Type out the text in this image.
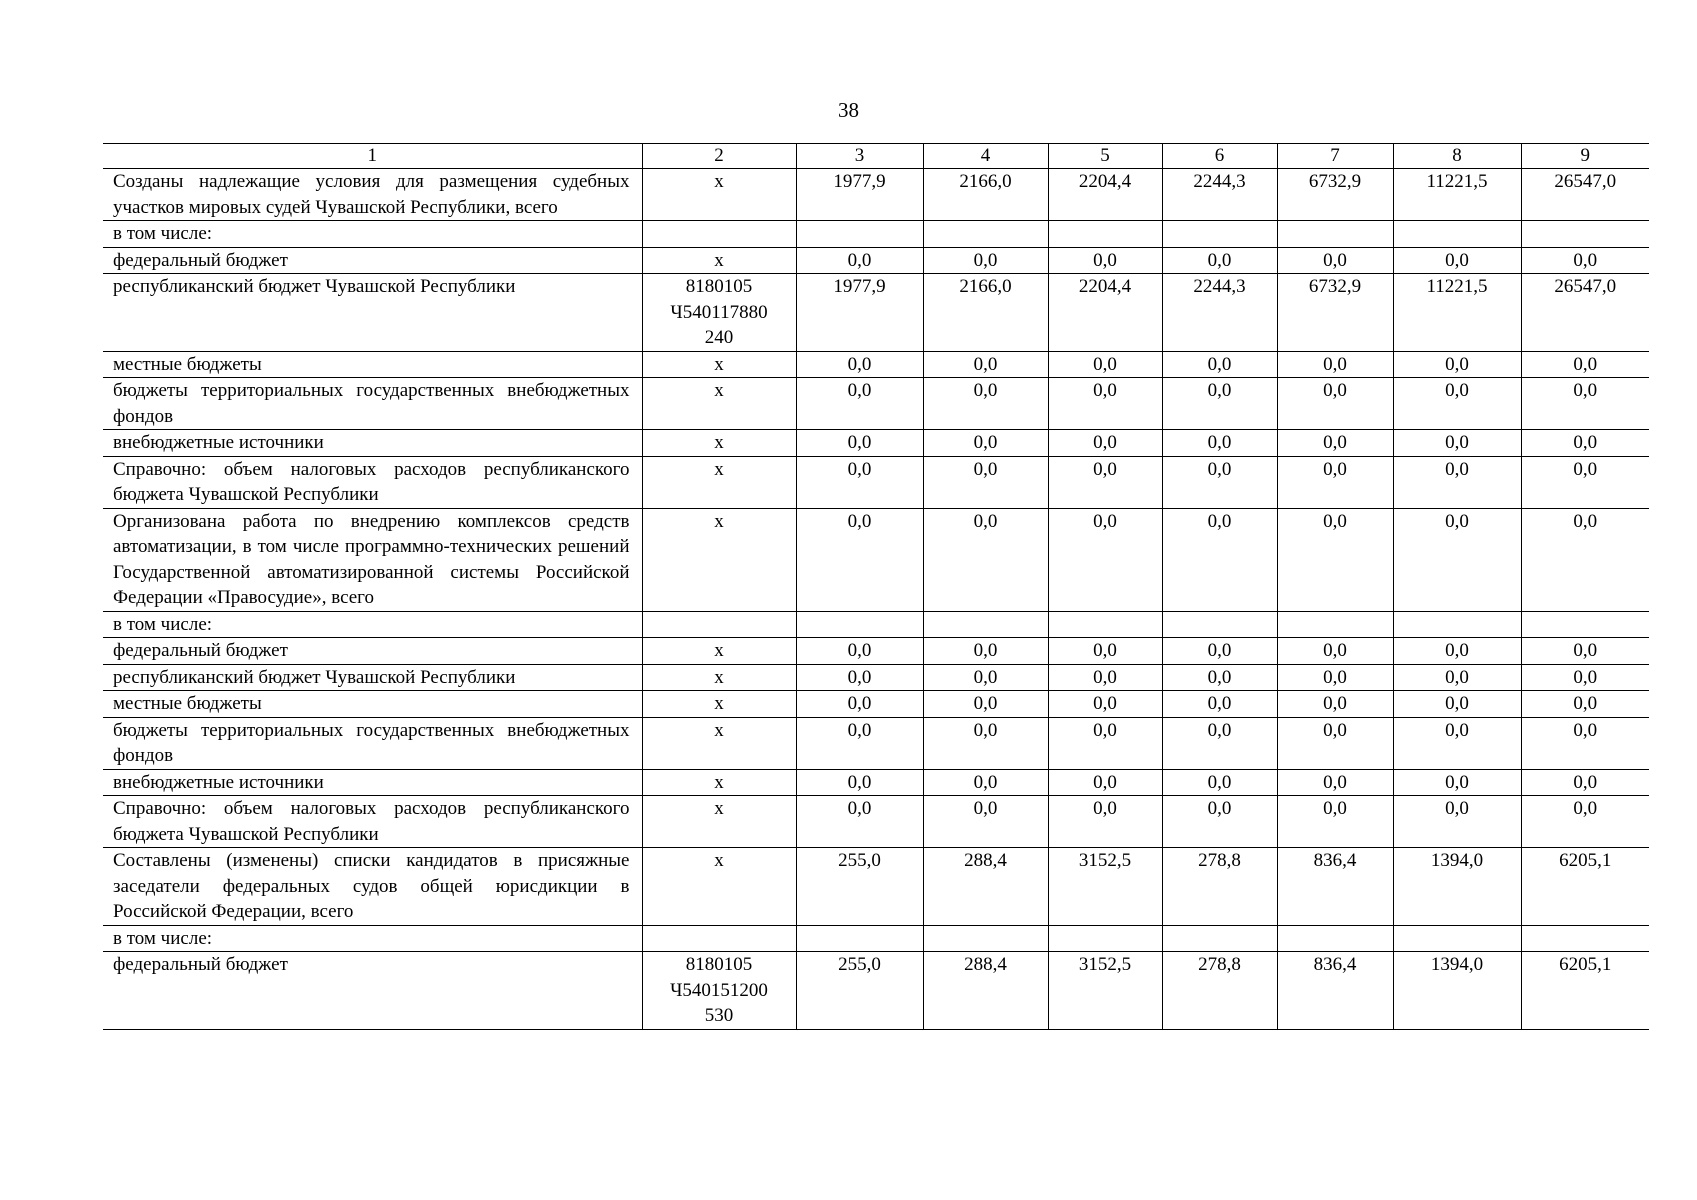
38
1	2	3	4	5	6	7	8	9
Созданы надлежащие условия для размещения судебных участков мировых судей Чувашской Республики, всего	х	1977,9	2166,0	2204,4	2244,3	6732,9	11221,5	26547,0
в том числе:								
федеральный бюджет	х	0,0	0,0	0,0	0,0	0,0	0,0	0,0
республиканский бюджет Чувашской Республики	8180105
Ч540117880
240	1977,9	2166,0	2204,4	2244,3	6732,9	11221,5	26547,0
местные бюджеты	х	0,0	0,0	0,0	0,0	0,0	0,0	0,0
бюджеты территориальных государственных внебюджетных фондов	х	0,0	0,0	0,0	0,0	0,0	0,0	0,0
внебюджетные источники	х	0,0	0,0	0,0	0,0	0,0	0,0	0,0
Справочно: объем налоговых расходов республиканского бюджета Чувашской Республики	х	0,0	0,0	0,0	0,0	0,0	0,0	0,0
Организована работа по внедрению комплексов средств автоматизации, в том числе программно-технических решений Государственной автоматизированной системы Российской Федерации «Правосудие», всего	х	0,0	0,0	0,0	0,0	0,0	0,0	0,0
в том числе:								
федеральный бюджет	х	0,0	0,0	0,0	0,0	0,0	0,0	0,0
республиканский бюджет Чувашской Республики	х	0,0	0,0	0,0	0,0	0,0	0,0	0,0
местные бюджеты	х	0,0	0,0	0,0	0,0	0,0	0,0	0,0
бюджеты территориальных государственных внебюджетных фондов	х	0,0	0,0	0,0	0,0	0,0	0,0	0,0
внебюджетные источники	х	0,0	0,0	0,0	0,0	0,0	0,0	0,0
Справочно: объем налоговых расходов республиканского бюджета Чувашской Республики	х	0,0	0,0	0,0	0,0	0,0	0,0	0,0
Составлены (изменены) списки кандидатов в присяжные заседатели федеральных судов общей юрисдикции в Российской Федерации, всего	х	255,0	288,4	3152,5	278,8	836,4	1394,0	6205,1
в том числе:								
федеральный бюджет	8180105
Ч540151200
530	255,0	288,4	3152,5	278,8	836,4	1394,0	6205,1
